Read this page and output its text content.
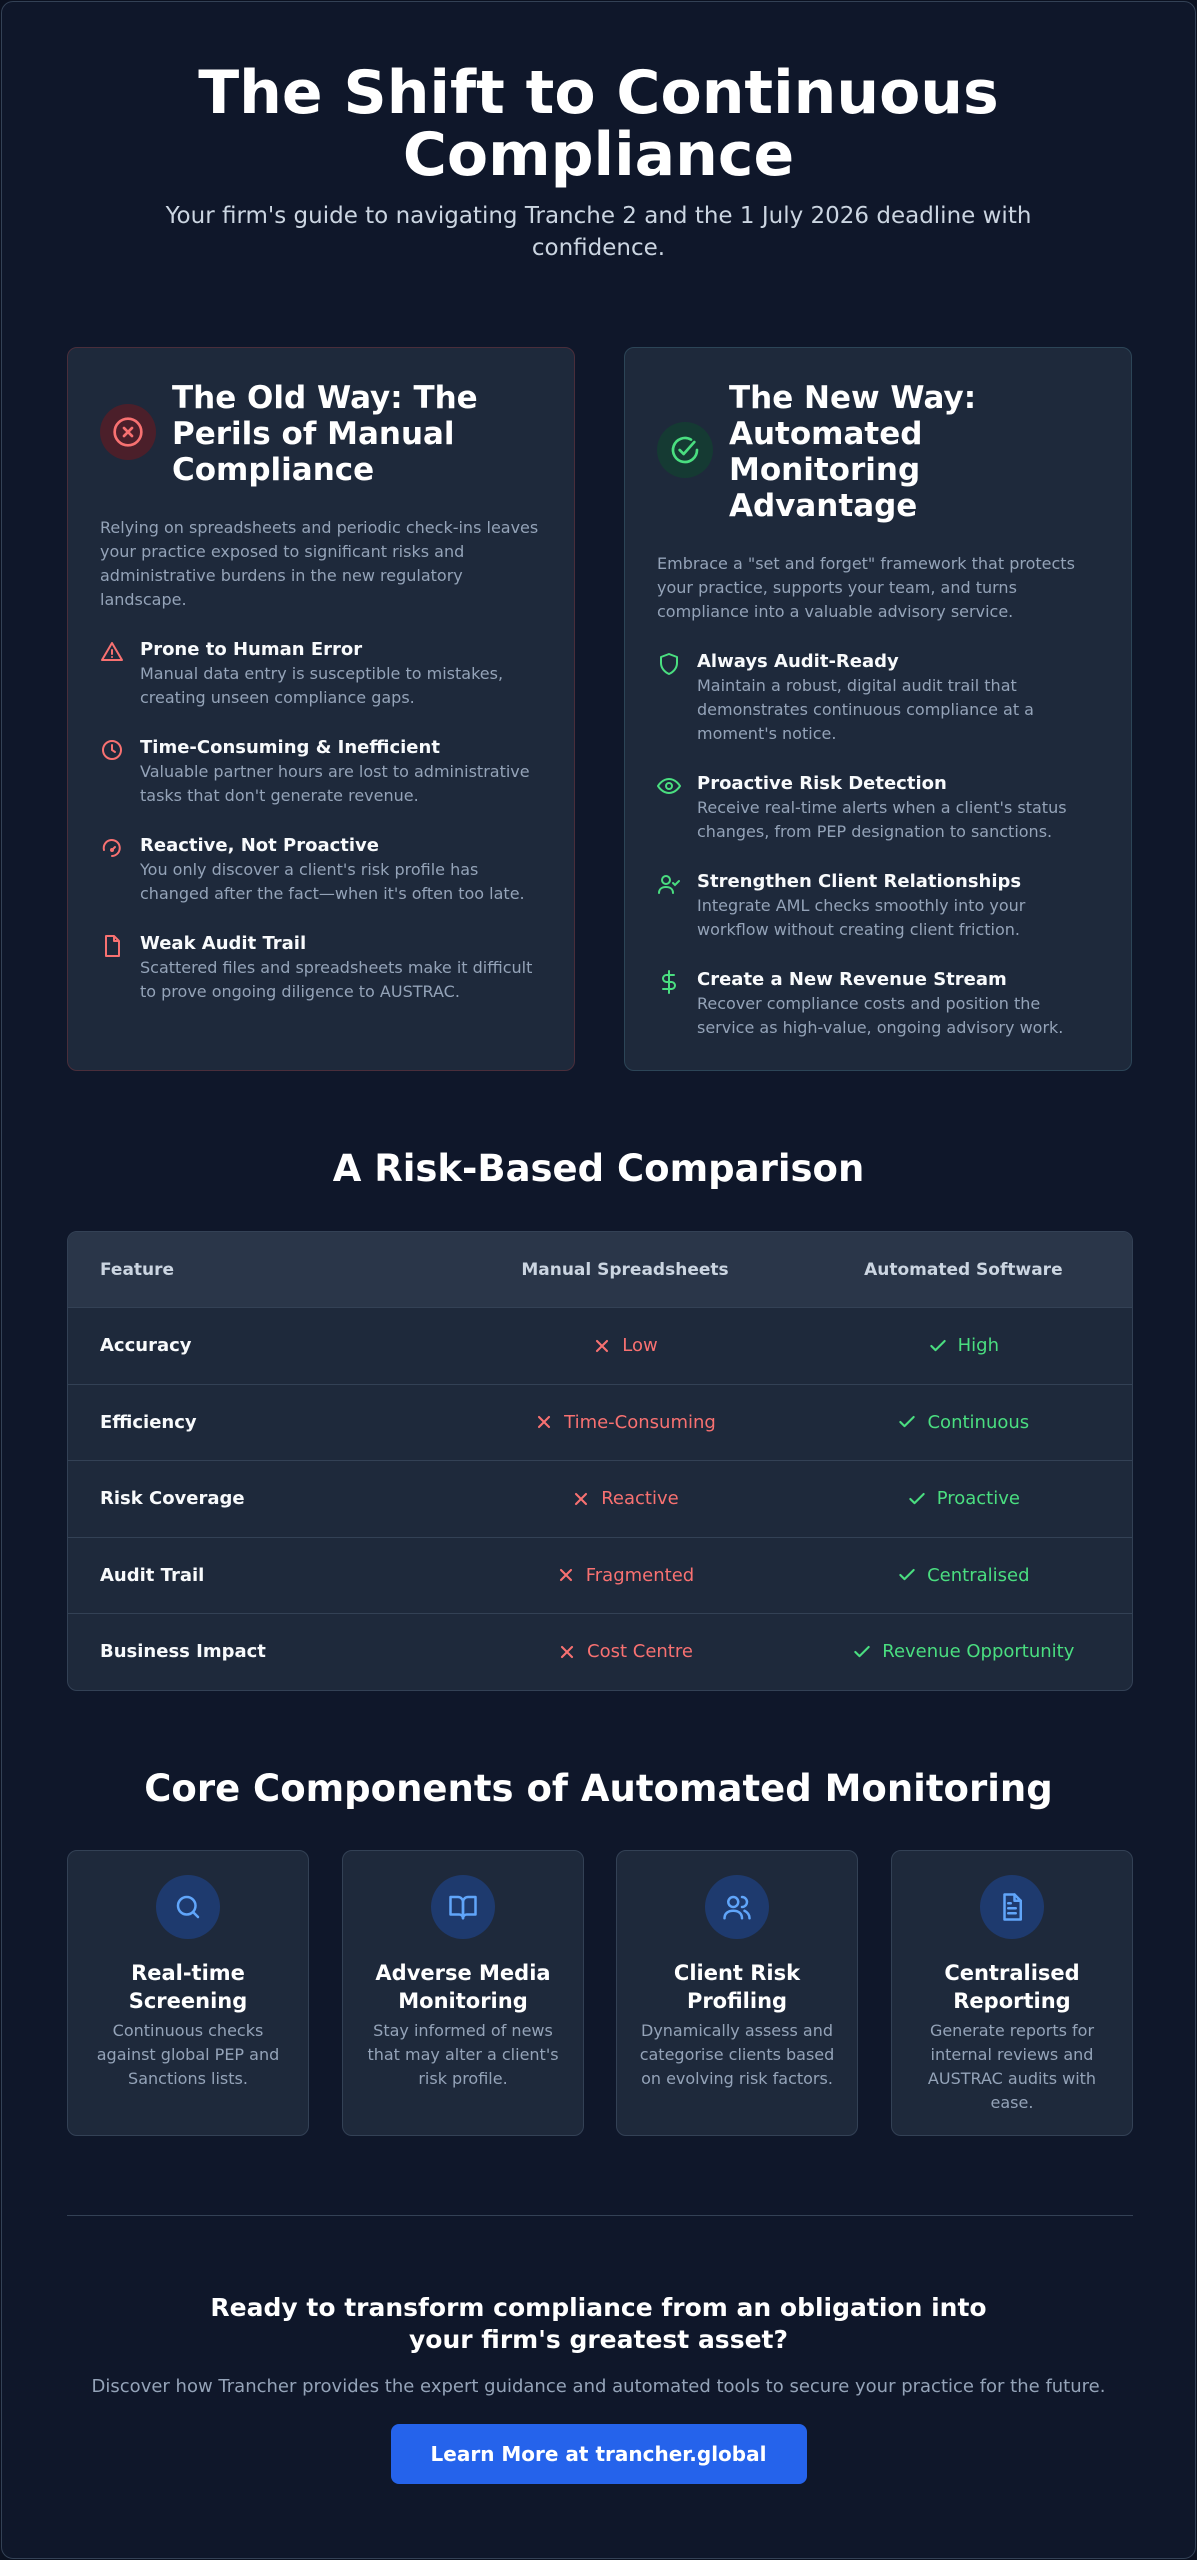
The Shift to Continuous Compliance

Your firm's guide to navigating Tranche 2 and the 1 July 2026 deadline with confidence.

The Old Way: The Perils of Manual Compliance

Relying on spreadsheets and periodic check-ins leaves your practice exposed to significant risks and administrative burdens in the new regulatory landscape.

Prone to Human Error
Manual data entry is susceptible to mistakes, creating unseen compliance gaps.
Time-Consuming & Inefficient
Valuable partner hours are lost to administrative tasks that don't generate revenue.
Reactive, Not Proactive
You only discover a client's risk profile has changed after the fact—when it's often too late.
Weak Audit Trail
Scattered files and spreadsheets make it difficult to prove ongoing diligence to AUSTRAC.
The New Way: Automated Monitoring Advantage

Embrace a "set and forget" framework that protects your practice, supports your team, and turns compliance into a valuable advisory service.

Always Audit-Ready
Maintain a robust, digital audit trail that demonstrates continuous compliance at a moment's notice.
Proactive Risk Detection
Receive real-time alerts when a client's status changes, from PEP designation to sanctions.
Strengthen Client Relationships
Integrate AML checks smoothly into your workflow without creating client friction.
Create a New Revenue Stream
Recover compliance costs and position the service as high-value, ongoing advisory work.
A Risk-Based Comparison
Feature	Manual Spreadsheets	Automated Software
Accuracy	Low	High
Efficiency	Time-Consuming	Continuous
Risk Coverage	Reactive	Proactive
Audit Trail	Fragmented	Centralised
Business Impact	Cost Centre	Revenue Opportunity
Core Components of Automated Monitoring
Real-time Screening
Continuous checks against global PEP and Sanctions lists.
Adverse Media Monitoring
Stay informed of news that may alter a client's risk profile.
Client Risk Profiling
Dynamically assess and categorise clients based on evolving risk factors.
Centralised Reporting
Generate reports for internal reviews and AUSTRAC audits with ease.
Ready to transform compliance from an obligation into your firm's greatest asset?

Discover how Trancher provides the expert guidance and automated tools to secure your practice for the future.

Learn More at trancher.global
